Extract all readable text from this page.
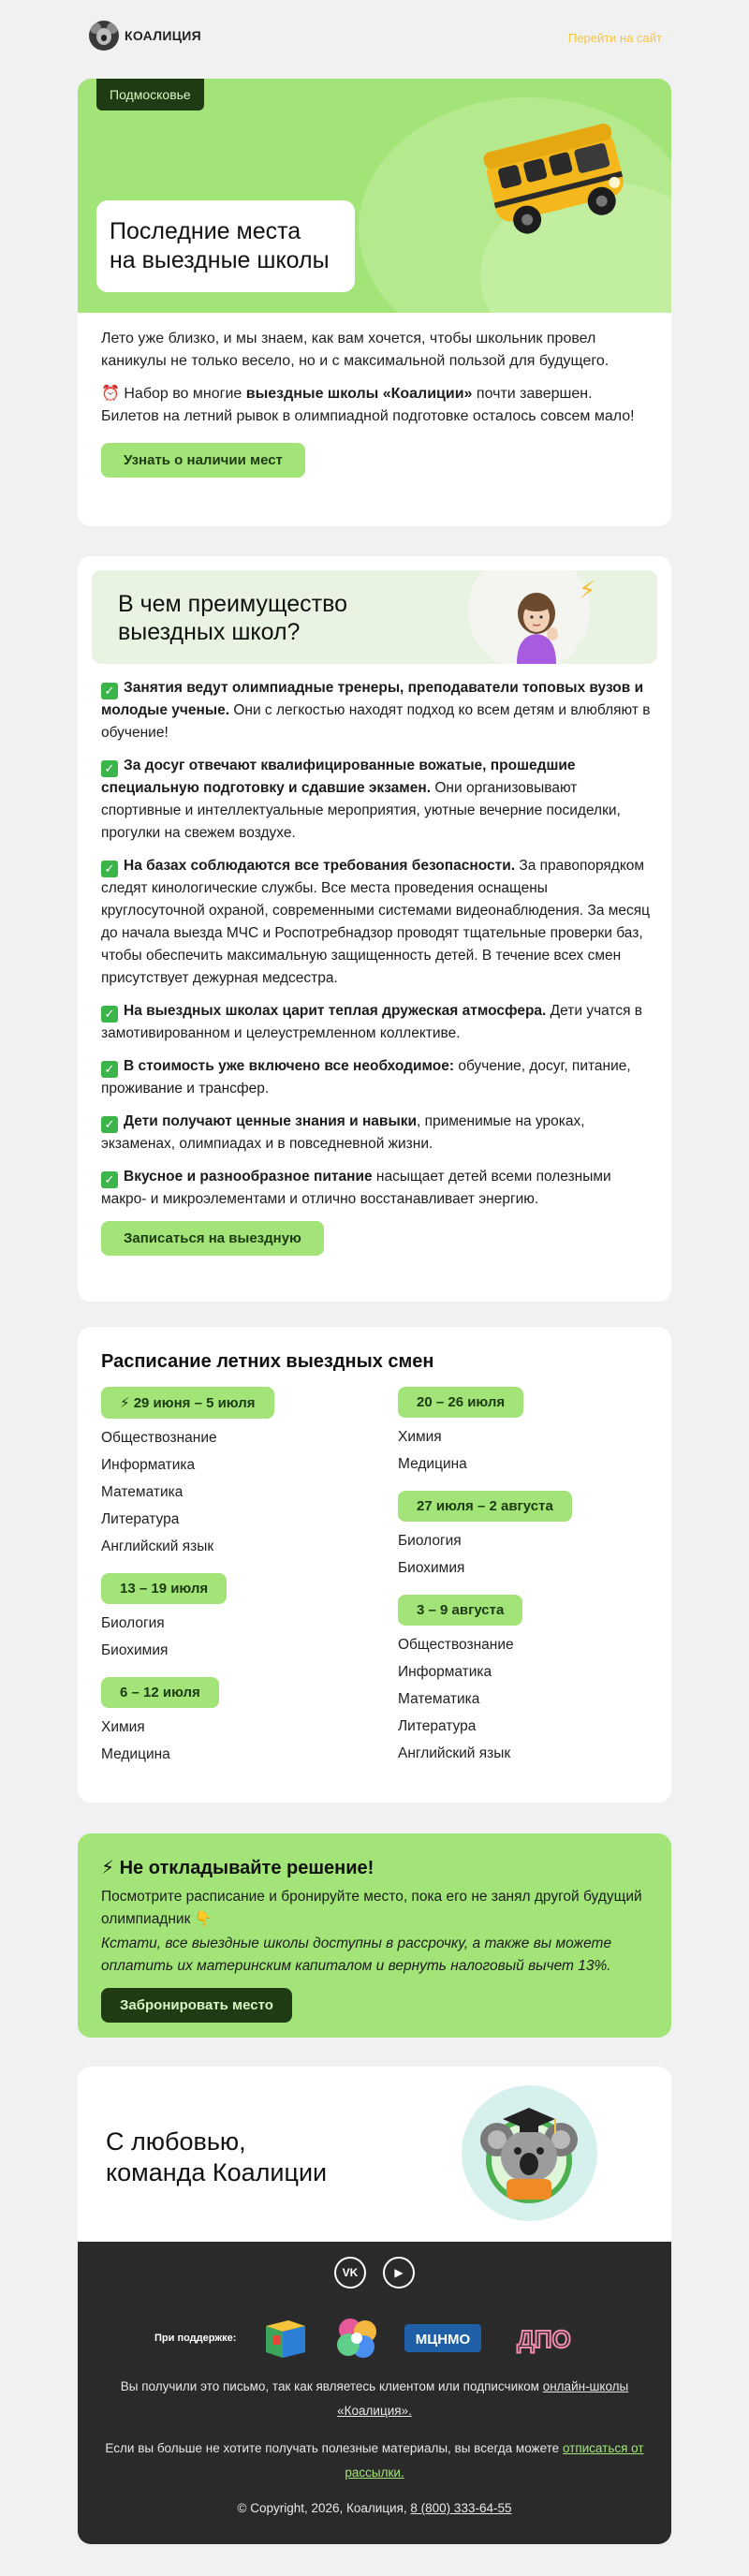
КОАЛИЦИЯ	Перейти на сайт
Подмосковье
Последние места
на выездные школы

Лето уже близко, и мы знаем, как вам хочется, чтобы школьник провел каникулы не только весело, но и с максимальной пользой для будущего.

⏰ Набор во многие выездные школы «Коалиции» почти завершен. Билетов на летний рывок в олимпиадной подготовке осталось совсем мало!

Узнать о наличии мест
⚡
В чем преимущество
выездных школ?
✓ Занятия ведут олимпиадные тренеры, преподаватели топовых вузов и молодые ученые. Они с легкостью находят подход ко всем детям и влюбляют в обучение!
✓ За досуг отвечают квалифицированные вожатые, прошедшие специальную подготовку и сдавшие экзамен. Они организовывают спортивные и интеллектуальные мероприятия, уютные вечерние посиделки, прогулки на свежем воздухе.
✓ На базах соблюдаются все требования безопасности. За правопорядком следят кинологические службы. Все места проведения оснащены круглосуточной охраной, современными системами видеонаблюдения. За месяц до начала выезда МЧС и Роспотребнадзор проводят тщательные проверки баз, чтобы обеспечить максимальную защищенность детей. В течение всех смен присутствует дежурная медсестра.
✓ На выездных школах царит теплая дружеская атмосфера. Дети учатся в замотивированном и целеустремленном коллективе.
✓ В стоимость уже включено все необходимое: обучение, досуг, питание, проживание и трансфер.
✓ Дети получают ценные знания и навыки, применимые на уроках, экзаменах, олимпиадах и в повседневной жизни.
✓ Вкусное и разнообразное питание насыщает детей всеми полезными макро- и микроэлементами и отлично восстанавливает энергию.
Записаться на выездную
Расписание летних выездных смен
⚡ 29 июня – 5 июля
Обществознание
Информатика
Математика
Литература
Английский язык
13 – 19 июля
Биология
Биохимия
6 – 12 июля
Химия
Медицина
20 – 26 июля
Химия
Медицина
27 июля – 2 августа
Биология
Биохимия
3 – 9 августа
Обществознание
Информатика
Математика
Литература
Английский язык
⚡ Не откладывайте решение!
Посмотрите расписание и бронируйте место, пока его не занял другой будущий олимпиадник 👇
Кстати, все выездные школы доступны в рассрочку, а также вы можете оплатить их материнским капиталом и вернуть налоговый вычет 13%.
Забронировать место
С любовью,
команда Коалиции
VK	▶
При поддержке:	МЦНМО ДПО
Вы получили это письмо, так как являетесь клиентом или подписчиком онлайн-школы «Коалиция».
Если вы больше не хотите получать полезные материалы, вы всегда можете отписаться от рассылки.
© Copyright, 2026, Коалиция, 8 (800) 333-64-55
